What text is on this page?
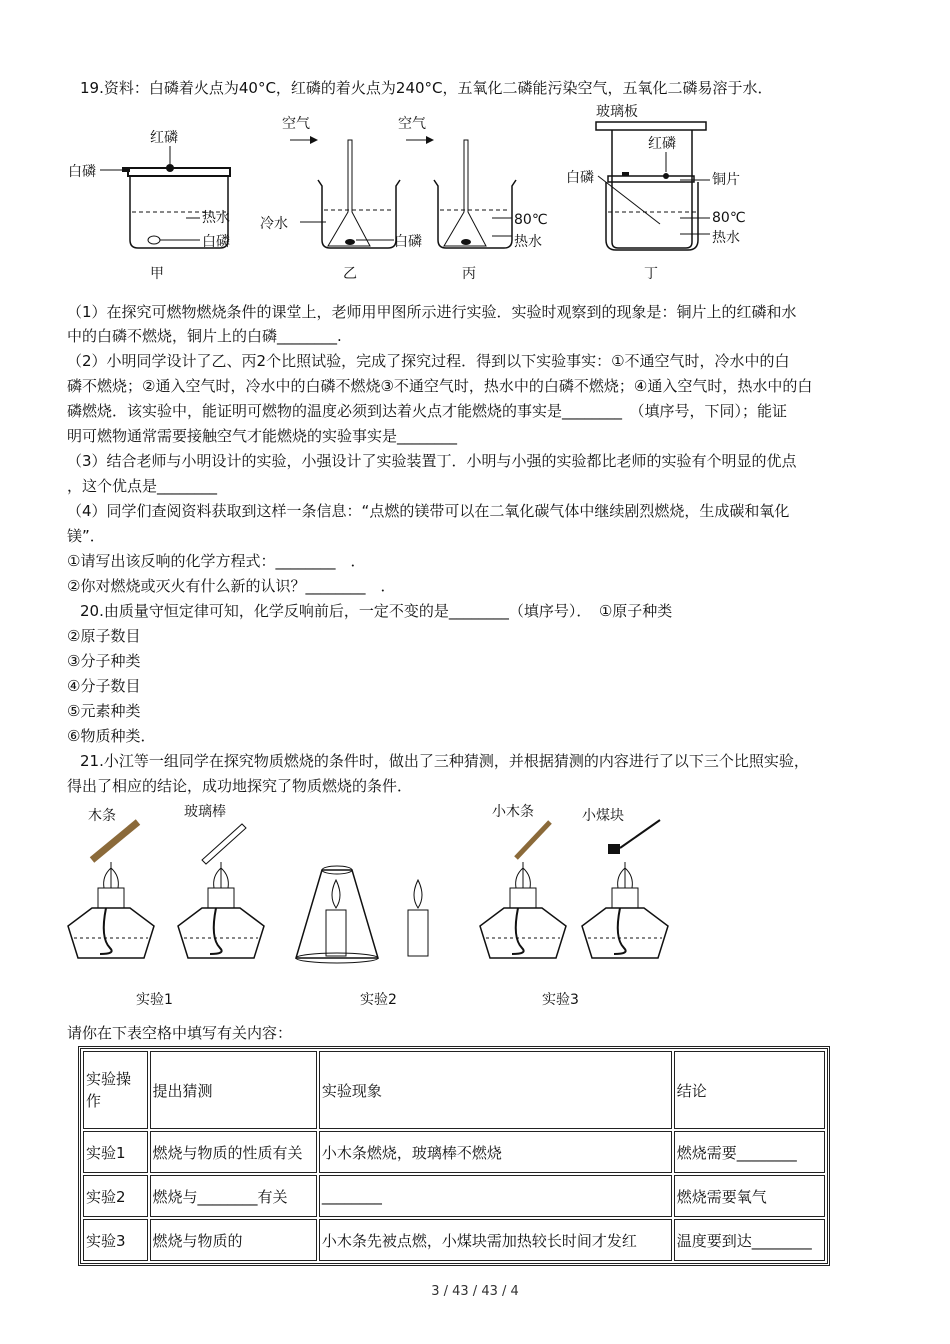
19.资料：白磷着火点为40°C，红磷的着火点为240°C，五氧化二磷能污染空气，五氧化二磷易溶于水．
红磷
白磷
热水
白磷
甲
空气
冷水
白磷
乙
空气
80℃
热水
丙
玻璃板
红磷
白磷	铜片
80℃
热水
丁
（1）在探究可燃物燃烧条件的课堂上，老师用甲图所示进行实验．实验时观察到的现象是：铜片上的红磷和水
中的白磷不燃烧，铜片上的白磷________.
（2）小明同学设计了乙、丙2个比照试验，完成了探究过程．得到以下实验事实：①不通空气时，冷水中的白
磷不燃烧；②通入空气时，冷水中的白磷不燃烧③不通空气时，热水中的白磷不燃烧；④通入空气时，热水中的白
磷燃烧．该实验中，能证明可燃物的温度必须到达着火点才能燃烧的事实是________　（填序号，下同）；能证
明可燃物通常需要接触空气才能燃烧的实验事实是________
（3）结合老师与小明设计的实验，小强设计了实验装置丁．小明与小强的实验都比老师的实验有个明显的优点
，这个优点是________
（4）同学们查阅资料获取到这样一条信息：“点燃的镁带可以在二氧化碳气体中继续剧烈燃烧，生成碳和氧化
镁”．
①请写出该反响的化学方程式：________　．
②你对燃烧或灭火有什么新的认识？________　．
20.由质量守恒定律可知，化学反响前后，一定不变的是________（填序号）．　①原子种类
②原子数目
③分子种类
④分子数目
⑤元素种类
⑥物质种类．
21.小江等一组同学在探究物质燃烧的条件时，做出了三种猜测，并根据猜测的内容进行了以下三个比照实验，
得出了相应的结论，成功地探究了物质燃烧的条件．
木条	玻璃棒	小木条	小煤块
实验1	实验2	实验3
请你在下表空格中填写有关内容：
实验操作	提出猜测	实验现象	结论
实验1	燃烧与物质的性质有关	小木条燃烧，玻璃棒不燃烧	燃烧需要________
实验2	燃烧与________有关	________	燃烧需要氧气
实验3	燃烧与物质的	小木条先被点燃，小煤块需加热较长时间才发红	温度要到达________
3 / 43 / 43 / 4
